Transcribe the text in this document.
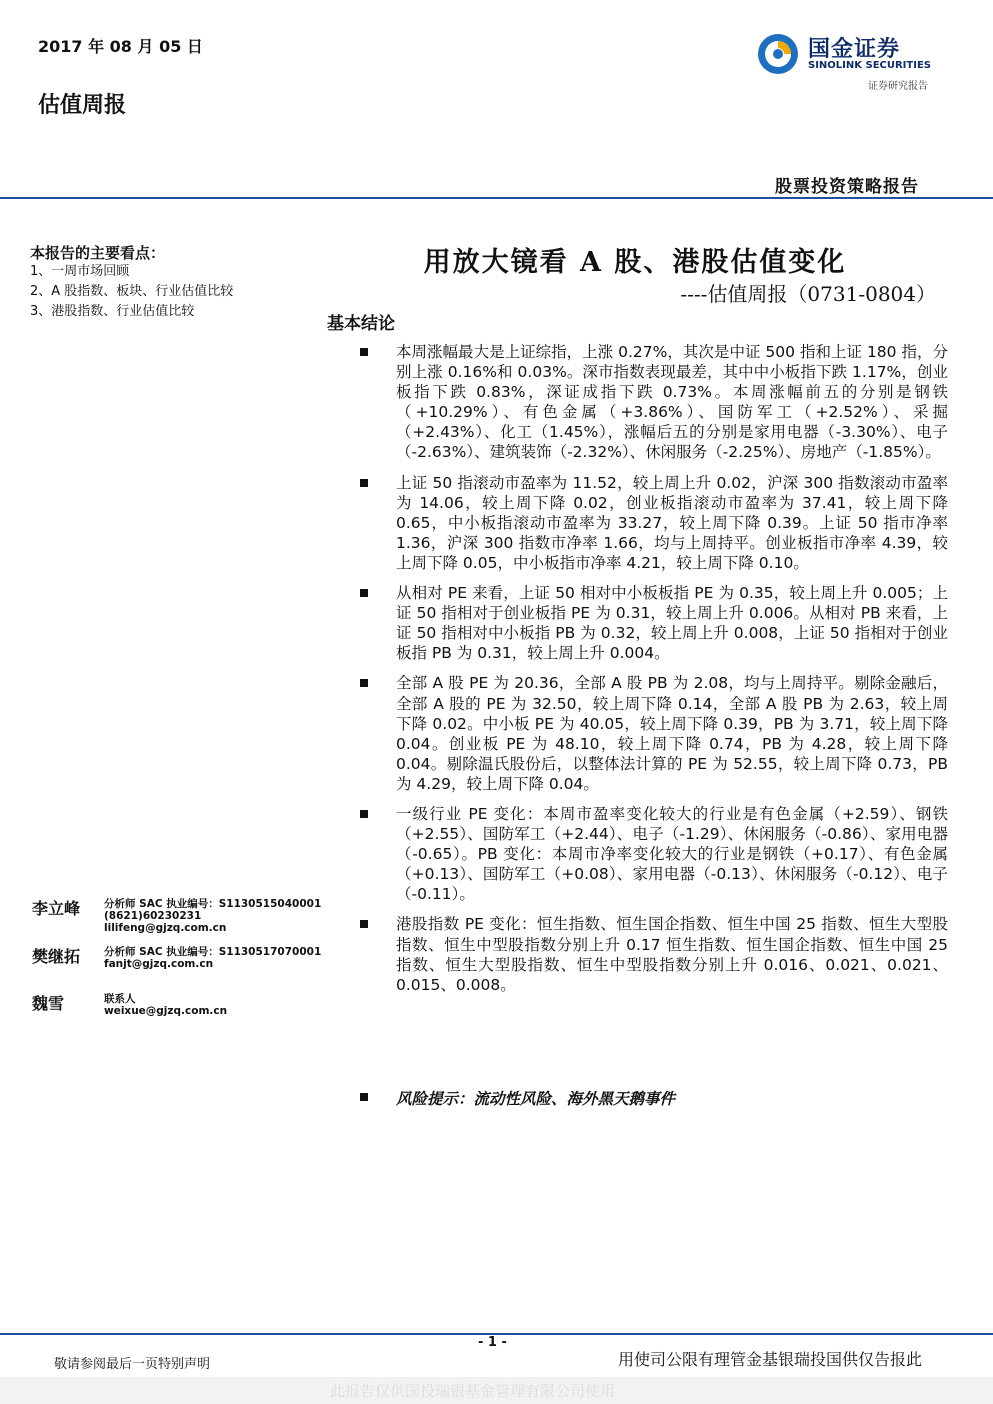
2017 年 08 月 05 日
估值周报
国金证券
SINOLINK SECURITIES
证券研究报告
股票投资策略报告
本报告的主要看点：
1、一周市场回顾
2、A 股指数、板块、行业估值比较
3、港股指数、行业估值比较
用放大镜看 A 股、港股估值变化
----估值周报（0731-0804）
基本结论
本周涨幅最大是上证综指，上涨 0.27%，其次是中证 500 指和上证 180 指，分别上涨 0.16%和 0.03%。深市指数表现最差，其中中小板指下跌 1.17%，创业板指下跌 0.83%，深证成指下跌 0.73%。本周涨幅前五的分别是钢铁（+10.29%）、有色金属（+3.86%）、国防军工（+2.52%）、采掘（+2.43%）、化工（1.45%），涨幅后五的分别是家用电器（-3.30%）、电子（-2.63%）、建筑装饰（-2.32%）、休闲服务（-2.25%）、房地产（-1.85%）。
上证 50 指滚动市盈率为 11.52，较上周上升 0.02，沪深 300 指数滚动市盈率为 14.06，较上周下降 0.02，创业板指滚动市盈率为 37.41，较上周下降 0.65，中小板指滚动市盈率为 33.27，较上周下降 0.39。上证 50 指市净率 1.36，沪深 300 指数市净率 1.66，均与上周持平。创业板指市净率 4.39，较上周下降 0.05，中小板指市净率 4.21，较上周下降 0.10。
从相对 PE 来看，上证 50 相对中小板板指 PE 为 0.35，较上周上升 0.005；上证 50 指相对于创业板指 PE 为 0.31，较上周上升 0.006。从相对 PB 来看，上证 50 指相对中小板指 PB 为 0.32，较上周上升 0.008，上证 50 指相对于创业板指 PB 为 0.31，较上周上升 0.004。
全部 A 股 PE 为 20.36，全部 A 股 PB 为 2.08，均与上周持平。剔除金融后，全部 A 股的 PE 为 32.50，较上周下降 0.14，全部 A 股 PB 为 2.63，较上周下降 0.02。中小板 PE 为 40.05，较上周下降 0.39，PB 为 3.71，较上周下降 0.04。创业板 PE 为 48.10，较上周下降 0.74，PB 为 4.28，较上周下降 0.04。剔除温氏股份后，以整体法计算的 PE 为 52.55，较上周下降 0.73，PB 为 4.29，较上周下降 0.04。
一级行业 PE 变化：本周市盈率变化较大的行业是有色金属（+2.59）、钢铁（+2.55）、国防军工（+2.44）、电子（-1.29）、休闲服务（-0.86）、家用电器（-0.65）。PB 变化：本周市净率变化较大的行业是钢铁（+0.17）、有色金属（+0.13）、国防军工（+0.08）、家用电器（-0.13）、休闲服务（-0.12）、电子（-0.11）。
港股指数 PE 变化：恒生指数、恒生国企指数、恒生中国 25 指数、恒生大型股指数、恒生中型股指数分别上升 0.17 恒生指数、恒生国企指数、恒生中国 25 指数、恒生大型股指数、恒生中型股指数分别上升 0.016、0.021、0.021、0.015、0.008。
风险提示：流动性风险、海外黑天鹅事件
李立峰 分析师 SAC 执业编号：S1130515040001
(8621)60230231
lilifeng@gjzq.com.cn
樊继拓 分析师 SAC 执业编号：S1130517070001
fanjt@gjzq.com.cn
魏雪	联系人
weixue@gjzq.com.cn
- 1 -
敬请参阅最后一页特别声明	用使司公限有理管金基银瑞投国供仅告报此
此报告仅供国投瑞银基金管理有限公司使用
